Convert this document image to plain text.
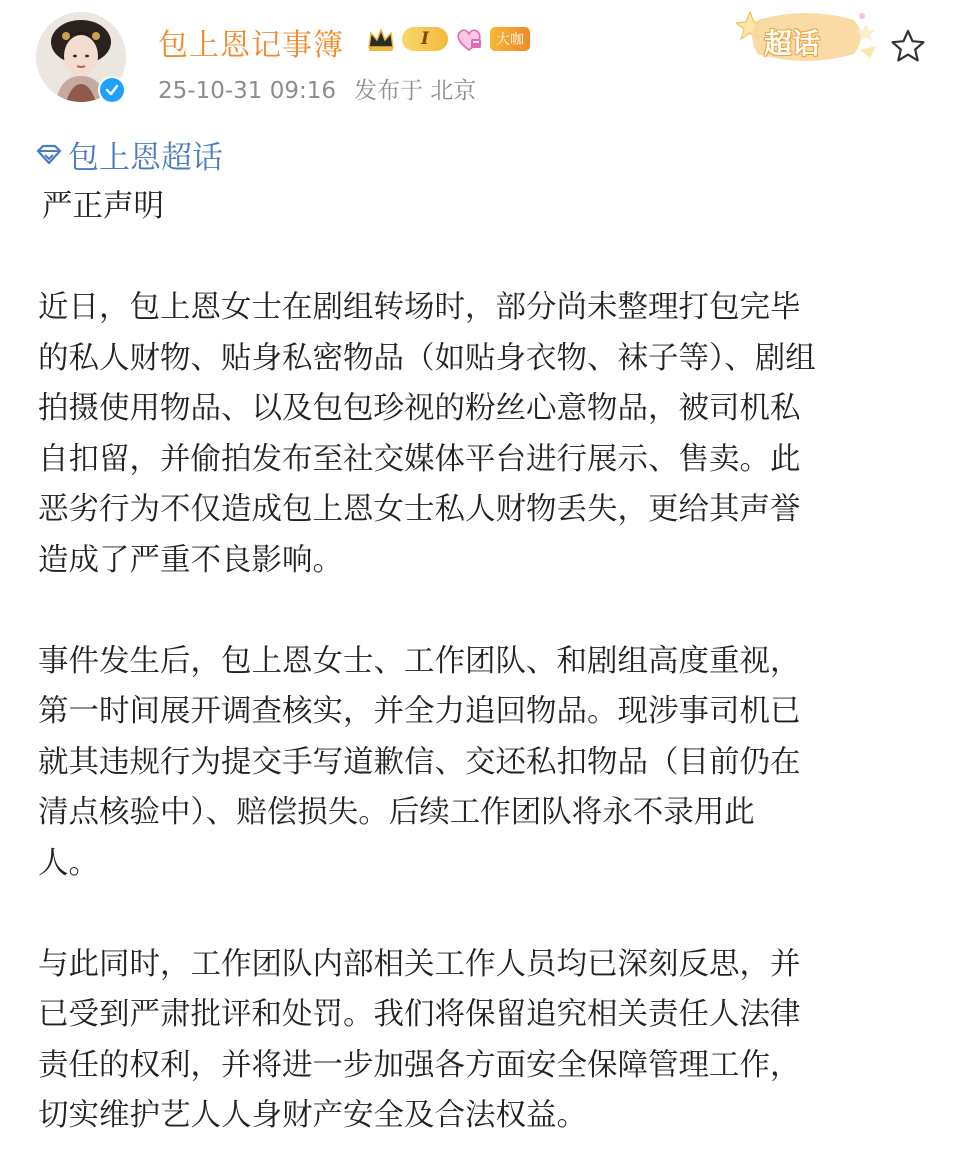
包上恩记事簿	I	大咖
25-10-31 09:16 发布于 北京
超话
包上恩超话
严正声明
近日，包上恩女士在剧组转场时，部分尚未整理打包完毕
的私人财物、贴身私密物品（如贴身衣物、袜子等）、剧组
拍摄使用物品、以及包包珍视的粉丝心意物品，被司机私
自扣留，并偷拍发布至社交媒体平台进行展示、售卖。此
恶劣行为不仅造成包上恩女士私人财物丢失，更给其声誉
造成了严重不良影响。
事件发生后，包上恩女士、工作团队、和剧组高度重视，
第一时间展开调查核实，并全力追回物品。现涉事司机已
就其违规行为提交手写道歉信、交还私扣物品（目前仍在
清点核验中）、赔偿损失。后续工作团队将永不录用此
人。
与此同时，工作团队内部相关工作人员均已深刻反思，并
已受到严肃批评和处罚。我们将保留追究相关责任人法律
责任的权利，并将进一步加强各方面安全保障管理工作，
切实维护艺人人身财产安全及合法权益。
